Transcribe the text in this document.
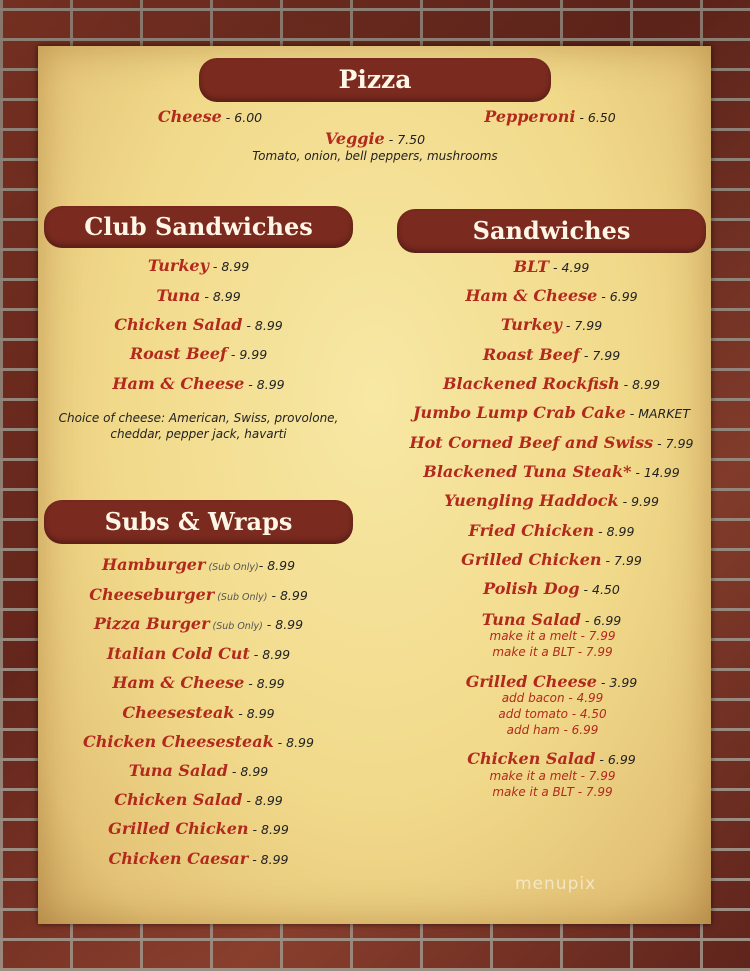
Pizza
Cheese - 6.00	Pepperoni - 6.50
Veggie - 7.50
Tomato, onion, bell peppers, mushrooms
Club Sandwiches
Turkey - 8.99
Tuna - 8.99
Chicken Salad - 8.99
Roast Beef - 9.99
Ham & Cheese - 8.99
Choice of cheese: American, Swiss, provolone,
cheddar, pepper jack, havarti
Subs & Wraps
Hamburger (Sub Only)- 8.99
Cheeseburger (Sub Only) - 8.99
Pizza Burger (Sub Only) - 8.99
Italian Cold Cut - 8.99
Ham & Cheese - 8.99
Cheesesteak - 8.99
Chicken Cheesesteak - 8.99
Tuna Salad - 8.99
Chicken Salad - 8.99
Grilled Chicken - 8.99
Chicken Caesar - 8.99
Sandwiches
BLT - 4.99
Ham & Cheese - 6.99
Turkey - 7.99
Roast Beef - 7.99
Blackened Rockfish - 8.99
Jumbo Lump Crab Cake - MARKET
Hot Corned Beef and Swiss - 7.99
Blackened Tuna Steak* - 14.99
Yuengling Haddock - 9.99
Fried Chicken - 8.99
Grilled Chicken - 7.99
Polish Dog - 4.50
Tuna Salad - 6.99
Grilled Cheese - 3.99
Chicken Salad - 6.99
make it a melt - 7.99
make it a BLT - 7.99
add bacon - 4.99
add tomato - 4.50
add ham - 6.99
make it a melt - 7.99
make it a BLT - 7.99
menupix
